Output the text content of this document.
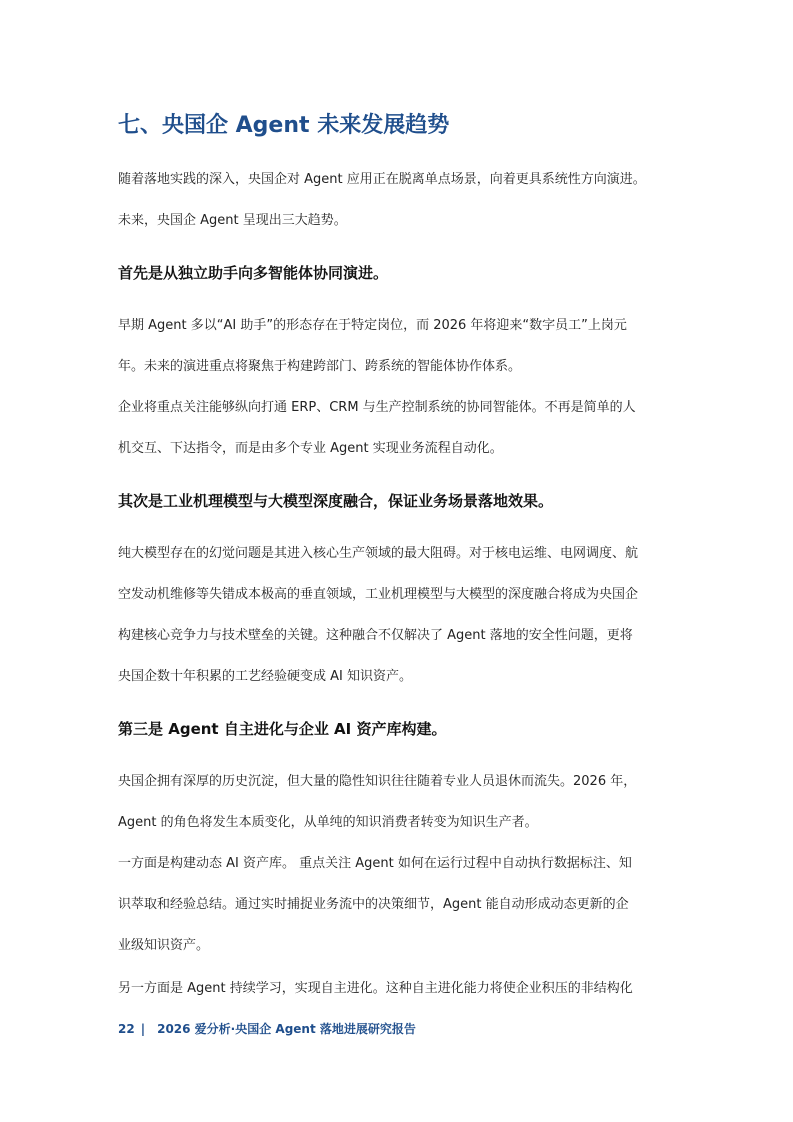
七、央国企 Agent 未来发展趋势

随着落地实践的深入，央国企对 Agent 应用正在脱离单点场景，向着更具系统性方向演进。

未来，央国企 Agent 呈现出三大趋势。

首先是从独立助手向多智能体协同演进。

早期 Agent 多以“AI 助手”的形态存在于特定岗位，而 2026 年将迎来“数字员工”上岗元

年。未来的演进重点将聚焦于构建跨部门、跨系统的智能体协作体系。

企业将重点关注能够纵向打通 ERP、CRM 与生产控制系统的协同智能体。不再是简单的人

机交互、下达指令，而是由多个专业 Agent 实现业务流程自动化。

其次是工业机理模型与大模型深度融合，保证业务场景落地效果。

纯大模型存在的幻觉问题是其进入核心生产领域的最大阻碍。对于核电运维、电网调度、航

空发动机维修等失错成本极高的垂直领域，工业机理模型与大模型的深度融合将成为央国企

构建核心竞争力与技术壁垒的关键。这种融合不仅解决了 Agent 落地的安全性问题，更将

央国企数十年积累的工艺经验硬变成 AI 知识资产。

第三是 Agent 自主进化与企业 AI 资产库构建。

央国企拥有深厚的历史沉淀，但大量的隐性知识往往随着专业人员退休而流失。2026 年，

Agent 的角色将发生本质变化，从单纯的知识消费者转变为知识生产者。

一方面是构建动态 AI 资产库。 重点关注 Agent 如何在运行过程中自动执行数据标注、知

识萃取和经验总结。通过实时捕捉业务流中的决策细节，Agent 能自动形成动态更新的企

业级知识资产。

另一方面是 Agent 持续学习，实现自主进化。这种自主进化能力将使企业积压的非结构化

22 | 2026 爱分析·央国企 Agent 落地进展研究报告
